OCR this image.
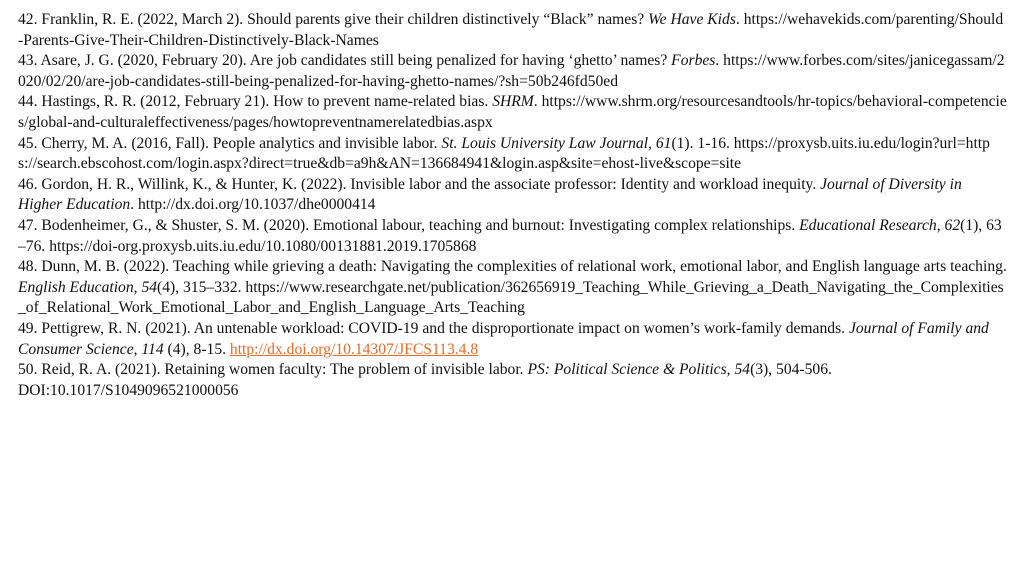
42. Franklin, R. E. (2022, March 2). Should parents give their children distinctively “Black” names? We Have Kids. https://wehavekids.com/parenting/Should-Parents-Give-Their-Children-Distinctively-Black-Names

43. Asare, J. G. (2020, February 20). Are job candidates still being penalized for having ‘ghetto’ names? Forbes. https://www.forbes.com/sites/janicegassam/2020/02/20/are-job-candidates-still-being-penalized-for-having-ghetto-names/?sh=50b246fd50ed

44. Hastings, R. R. (2012, February 21). How to prevent name-related bias. SHRM. https://www.shrm.org/resourcesandtools/hr-topics/behavioral-competencies/global-and-culturaleffectiveness/pages/howtopreventnamerelatedbias.aspx

45. Cherry, M. A. (2016, Fall). People analytics and invisible labor. St. Louis University Law Journal, 61(1). 1-16. https://proxysb.uits.iu.edu/login?url=https://search.ebscohost.com/login.aspx?direct=true&db=a9h&AN=136684941&login.asp&site=ehost-live&scope=site

46. Gordon, H. R., Willink, K., & Hunter, K. (2022). Invisible labor and the associate professor: Identity and workload inequity. Journal of Diversity in Higher Education. http://dx.doi.org/10.1037/dhe0000414

47. Bodenheimer, G., & Shuster, S. M. (2020). Emotional labour, teaching and burnout: Investigating complex relationships. Educational Research, 62(1), 63–76. https://doi-org.proxysb.uits.iu.edu/10.1080/00131881.2019.1705868

48. Dunn, M. B. (2022). Teaching while grieving a death: Navigating the complexities of relational work, emotional labor, and English language arts teaching. English Education, 54(4), 315–332. https://www.researchgate.net/publication/362656919_Teaching_While_Grieving_a_Death_Navigating_the_Complexities_of_Relational_Work_Emotional_Labor_and_English_Language_Arts_Teaching

49. Pettigrew, R. N. (2021). An untenable workload: COVID-19 and the disproportionate impact on women’s work-family demands. Journal of Family and Consumer Science, 114 (4), 8-15. http://dx.doi.org/10.14307/JFCS113.4.8

50. Reid, R. A. (2021). Retaining women faculty: The problem of invisible labor. PS: Political Science & Politics, 54(3), 504-506. DOI:10.1017/S1049096521000056
